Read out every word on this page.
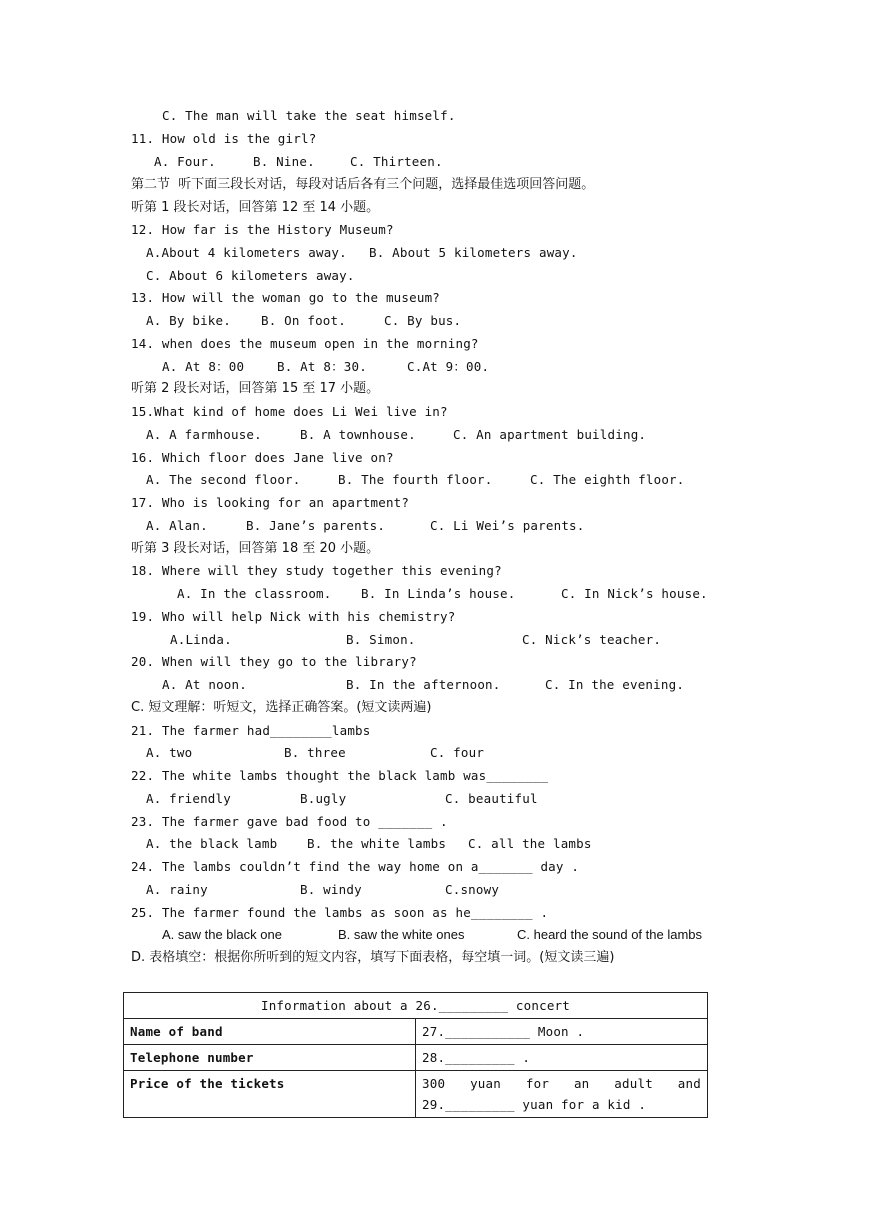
C. The man will take the seat himself.
11. How old is the girl?
A. Four.	B. Nine.	C. Thirteen.
第二节  听下面三段长对话，每段对话后各有三个问题，选择最佳选项回答问题。
听第 1 段长对话，回答第 12 至 14 小题。
12. How far is the History Museum?
A.About 4 kilometers away. B. About 5 kilometers away.
C. About 6 kilometers away.
13. How will the woman go to the museum?
A. By bike. B. On foot.	C. By bus.
14. when does the museum open in the morning?
A. At 8：00	B. At 8：30.	C.At 9：00.
听第 2 段长对话，回答第 15 至 17 小题。
15.What kind of home does Li Wei live in?
A. A farmhouse.	B. A townhouse.	C. An apartment building.
16. Which floor does Jane live on?
A. The second floor.	B. The fourth floor.	C. The eighth floor.
17. Who is looking for an apartment?
A. Alan.	B. Jane’s parents.	C. Li Wei’s parents.
听第 3 段长对话，回答第 18 至 20 小题。
18. Where will they study together this evening?
A. In the classroom. B. In Linda’s house.	C. In Nick’s house.
19. Who will help Nick with his chemistry?
A.Linda.	B. Simon.	C. Nick’s teacher.
20. When will they go to the library?
A. At noon.	B. In the afternoon.	C. In the evening.
C. 短文理解：听短文，选择正确答案。(短文读两遍)
21. The farmer had________lambs
A. two	B. three	C. four
22. The white lambs thought the black lamb was________
A. friendly	B.ugly	C. beautiful
23. The farmer gave bad food to _______ .
A. the black lamb B. the white lambs C. all the lambs
24. The lambs couldn’t find the way home on a_______ day .
A. rainy	B. windy	C.snowy
25. The farmer found the lambs as soon as he________ .
A. saw the black one	B. saw the white ones	C. heard the sound of the lambs
D. 表格填空：根据你所听到的短文内容，填写下面表格，每空填一词。(短文读三遍)
Information about a 26._________ concert	
Name of band	27.___________ Moon .
Telephone number	28._________ .
Price of the tickets	300 yuan for an adult and 29._________ yuan for a kid .
